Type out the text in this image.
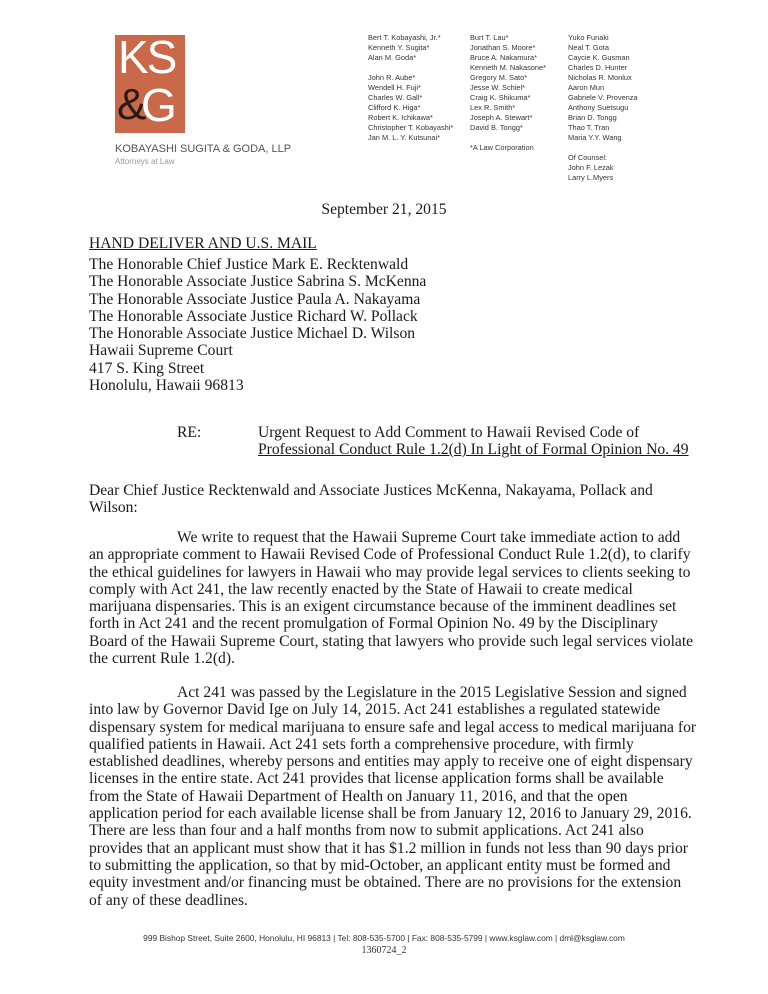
KS
&
G
KOBAYASHI SUGITA & GODA, LLP
Attorneys at Law
Bert T. Kobayashi, Jr.*
Kenneth Y. Sugita*
Alan M. Goda*
John R. Aube*
Wendell H. Fuji*
Charles W. Gall*
Clifford K. Higa*
Robert K. Ichikawa*
Christopher T. Kobayashi*
Jan M. L. Y. Kutsunai*
Burt T. Lau*
Jonathan S. Moore*
Bruce A. Nakamura*
Kenneth M. Nakasone*
Gregory M. Sato*
Jesse W. Schiel*
Craig K. Shikuma*
Lex R. Smith*
Joseph A. Stewart*
David B. Tongg*
*A Law Corporation
Yuko Funaki
Neal T. Gota
Caycie K. Gusman
Charles D. Hunter
Nicholas R. Monlux
Aaron Mun
Gabriele V. Provenza
Anthony Suetsugu
Brian D. Tongg
Thao T. Tran
Maria Y.Y. Wang
Of Counsel:
John F. Lezak
Larry L.Myers
September 21, 2015
HAND DELIVER AND U.S. MAIL
The Honorable Chief Justice Mark E. Recktenwald
The Honorable Associate Justice Sabrina S. McKenna
The Honorable Associate Justice Paula A. Nakayama
The Honorable Associate Justice Richard W. Pollack
The Honorable Associate Justice Michael D. Wilson
Hawaii Supreme Court
417 S. King Street
Honolulu, Hawaii 96813
RE:	Urgent Request to Add Comment to Hawaii Revised Code of
Professional Conduct Rule 1.2(d) In Light of Formal Opinion No. 49
Dear Chief Justice Recktenwald and Associate Justices McKenna, Nakayama, Pollack and
Wilson:
We write to request that the Hawaii Supreme Court take immediate action to add
an appropriate comment to Hawaii Revised Code of Professional Conduct Rule 1.2(d), to clarify
the ethical guidelines for lawyers in Hawaii who may provide legal services to clients seeking to
comply with Act 241, the law recently enacted by the State of Hawaii to create medical
marijuana dispensaries. This is an exigent circumstance because of the imminent deadlines set
forth in Act 241 and the recent promulgation of Formal Opinion No. 49 by the Disciplinary
Board of the Hawaii Supreme Court, stating that lawyers who provide such legal services violate
the current Rule 1.2(d).
Act 241 was passed by the Legislature in the 2015 Legislative Session and signed
into law by Governor David Ige on July 14, 2015. Act 241 establishes a regulated statewide
dispensary system for medical marijuana to ensure safe and legal access to medical marijuana for
qualified patients in Hawaii. Act 241 sets forth a comprehensive procedure, with firmly
established deadlines, whereby persons and entities may apply to receive one of eight dispensary
licenses in the entire state. Act 241 provides that license application forms shall be available
from the State of Hawaii Department of Health on January 11, 2016, and that the open
application period for each available license shall be from January 12, 2016 to January 29, 2016.
There are less than four and a half months from now to submit applications. Act 241 also
provides that an applicant must show that it has $1.2 million in funds not less than 90 days prior
to submitting the application, so that by mid-October, an applicant entity must be formed and
equity investment and/or financing must be obtained. There are no provisions for the extension
of any of these deadlines.
999 Bishop Street, Suite 2600, Honolulu, HI 96813 | Tel: 808-535-5700 | Fax: 808-535-5799 | www.ksglaw.com | dml@ksglaw.com
1360724_2
